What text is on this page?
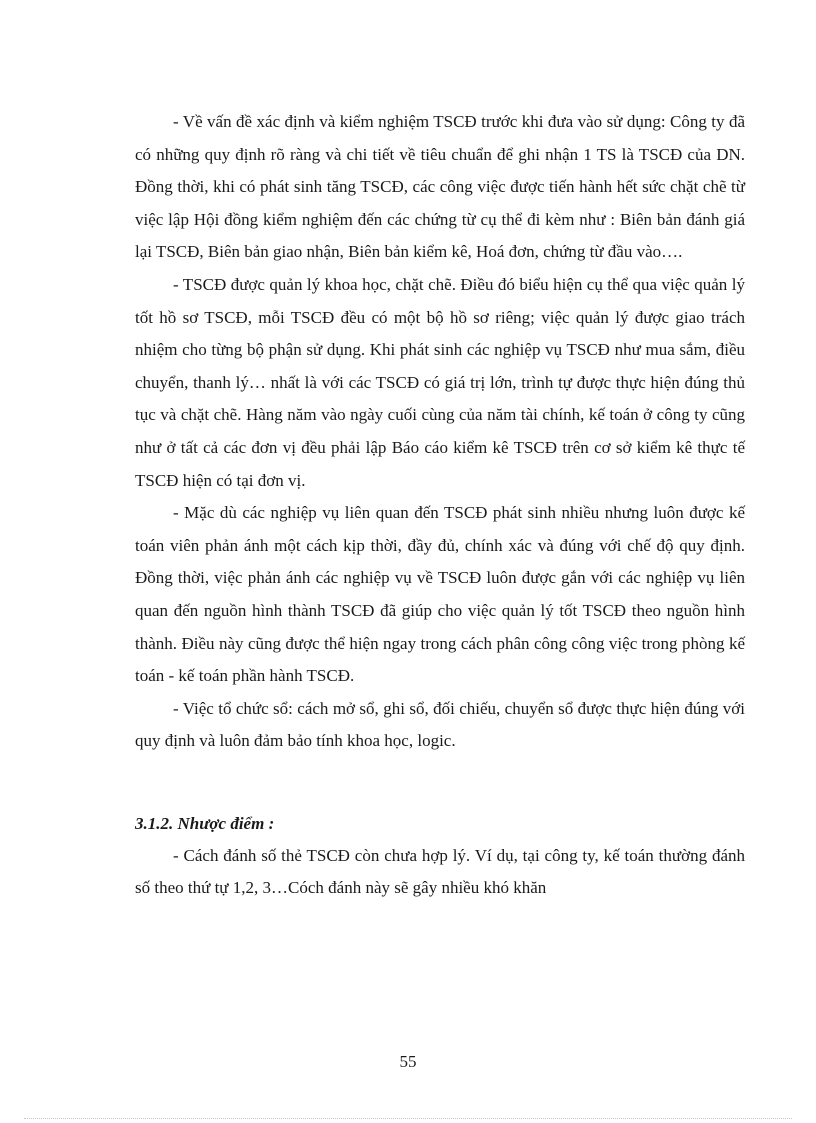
- Về vấn đề xác định và kiểm nghiệm TSCĐ trước khi đưa vào sử dụng: Công ty đã có những quy định rõ ràng và chi tiết về tiêu chuẩn để ghi nhận 1 TS là TSCĐ của DN. Đồng thời, khi có phát sinh tăng TSCĐ, các công việc được tiến hành hết sức chặt chẽ từ việc lập Hội đồng kiểm nghiệm đến các chứng từ cụ thể đi kèm như : Biên bản đánh giá lại TSCĐ, Biên bản giao nhận, Biên bản kiểm kê, Hoá đơn, chứng từ đầu vào….

- TSCĐ được quản lý khoa học, chặt chẽ. Điều đó biểu hiện cụ thể qua việc quản lý tốt hồ sơ TSCĐ, mỗi TSCĐ đều có một bộ hồ sơ riêng; việc quản lý được giao trách nhiệm cho từng bộ phận sử dụng. Khi phát sinh các nghiệp vụ TSCĐ như mua sắm, điều chuyển, thanh lý… nhất là với các TSCĐ có giá trị lớn, trình tự được thực hiện đúng thủ tục và chặt chẽ. Hàng năm vào ngày cuối cùng của năm tài chính, kế toán ở công ty cũng như ở tất cả các đơn vị đều phải lập Báo cáo kiểm kê TSCĐ trên cơ sở kiểm kê thực tế TSCĐ hiện có tại đơn vị.

- Mặc dù các nghiệp vụ liên quan đến TSCĐ phát sinh nhiều nhưng luôn được kế toán viên phản ánh một cách kịp thời, đầy đủ, chính xác và đúng với chế độ quy định. Đồng thời, việc phản ánh các nghiệp vụ về TSCĐ luôn được gắn với các nghiệp vụ liên quan đến nguồn hình thành TSCĐ đã giúp cho việc quản lý tốt TSCĐ theo nguồn hình thành. Điều này cũng được thể hiện ngay trong cách phân công công việc trong phòng kế toán - kế toán phần hành TSCĐ.

- Việc tổ chức sổ: cách mở sổ, ghi sổ, đối chiếu, chuyển sổ được thực hiện đúng với quy định và luôn đảm bảo tính khoa học, logic.

3.1.2. Nhược điểm :

- Cách đánh số thẻ TSCĐ còn chưa hợp lý. Ví dụ, tại công ty, kế toán thường đánh số theo thứ tự 1,2, 3…Cóch đánh này sẽ gây nhiều khó khăn

55
